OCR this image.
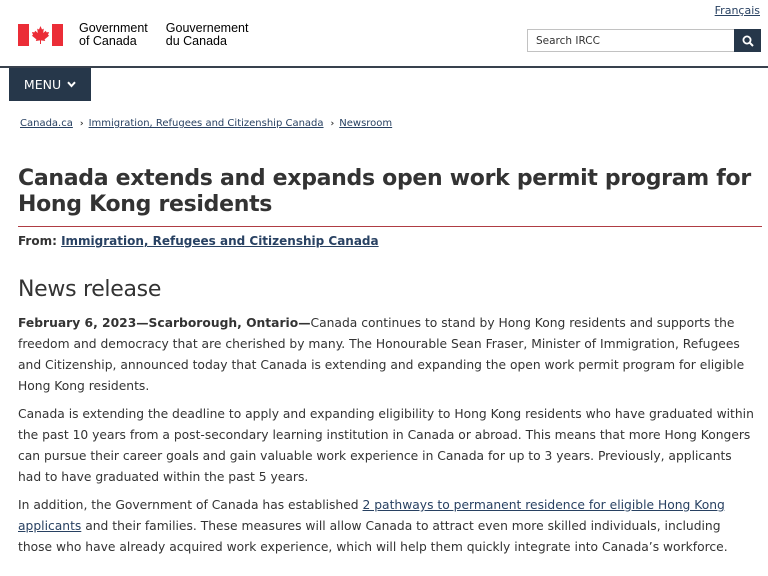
Français
Government
of Canada
Gouvernement
du Canada
Search IRCC
MENU
Canada.ca › Immigration, Refugees and Citizenship Canada › Newsroom
Canada extends and expands open work permit program for Hong Kong residents
From: Immigration, Refugees and Citizenship Canada
News release

February 6, 2023—Scarborough, Ontario—Canada continues to stand by Hong Kong residents and supports the freedom and democracy that are cherished by many. The Honourable Sean Fraser, Minister of Immigration, Refugees and Citizenship, announced today that Canada is extending and expanding the open work permit program for eligible Hong Kong residents.

Canada is extending the deadline to apply and expanding eligibility to Hong Kong residents who have graduated within the past 10 years from a post-secondary learning institution in Canada or abroad. This means that more Hong Kongers can pursue their career goals and gain valuable work experience in Canada for up to 3 years. Previously, applicants had to have graduated within the past 5 years.

In addition, the Government of Canada has established 2 pathways to permanent residence for eligible Hong Kong applicants and their families. These measures will allow Canada to attract even more skilled individuals, including those who have already acquired work experience, which will help them quickly integrate into Canada’s workforce.
